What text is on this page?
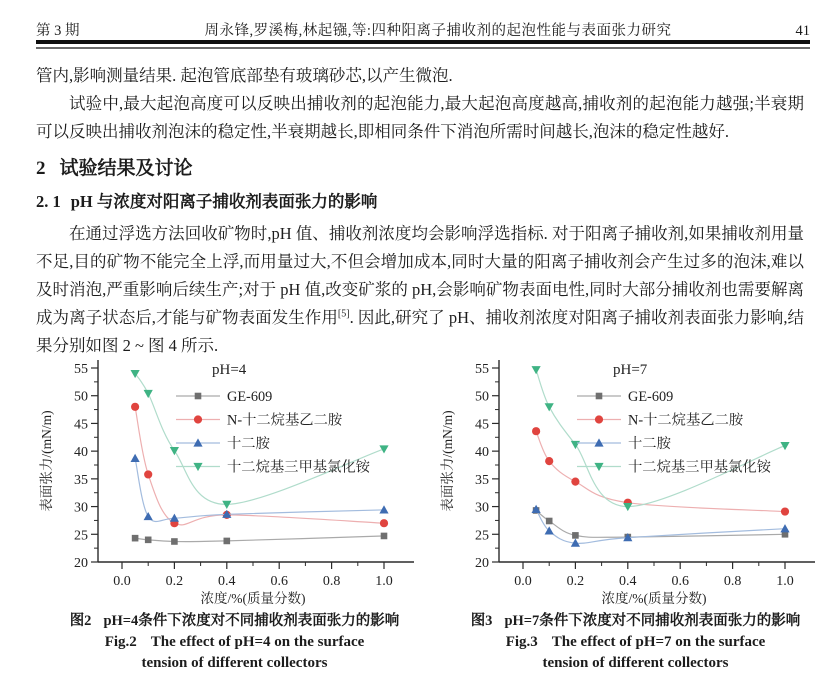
第 3 期	周永锋,罗溪梅,林起镪,等:四种阳离子捕收剂的起泡性能与表面张力研究	41

管内,影响测量结果. 起泡管底部垫有玻璃砂芯,以产生微泡.

试验中,最大起泡高度可以反映出捕收剂的起泡能力,最大起泡高度越高,捕收剂的起泡能力越强;半衰期可以反映出捕收剂泡沫的稳定性,半衰期越长,即相同条件下消泡所需时间越长,泡沫的稳定性越好.

2 试验结果及讨论
2. 1 pH 与浓度对阳离子捕收剂表面张力的影响

在通过浮选方法回收矿物时,pH 值、捕收剂浓度均会影响浮选指标. 对于阳离子捕收剂,如果捕收剂用量不足,目的矿物不能完全上浮,而用量过大,不但会增加成本,同时大量的阳离子捕收剂会产生过多的泡沫,难以及时消泡,严重影响后续生产;对于 pH 值,改变矿浆的 pH,会影响矿物表面电性,同时大部分捕收剂也需要解离成为离子状态后,才能与矿物表面发生作用[5]. 因此,研究了 pH、捕收剂浓度对阳离子捕收剂表面张力影响,结果分别如图 2 ~ 图 4 所示.

20
25
30
35
40
45
50
55
0.0 0.2 0.4 0.6 0.8 1.0
浓度/%(质量分数)
表面张力/(mN/m)
pH=4
GE-609
N-十二烷基乙二胺
十二胺
十二烷基三甲基氯化铵
图2 pH=4条件下浓度对不同捕收剂表面张力的影响
Fig.2 The effect of pH=4 on the surface
tension of different collectors
20
25
30
35
40
45
50
55
0.0 0.2 0.4 0.6 0.8 1.0
浓度/%(质量分数)
表面张力/(mN/m)
pH=7
GE-609
N-十二烷基乙二胺
十二胺
十二烷基三甲基氯化铵
图3 pH=7条件下浓度对不同捕收剂表面张力的影响
Fig.3 The effect of pH=7 on the surface
tension of different collectors
